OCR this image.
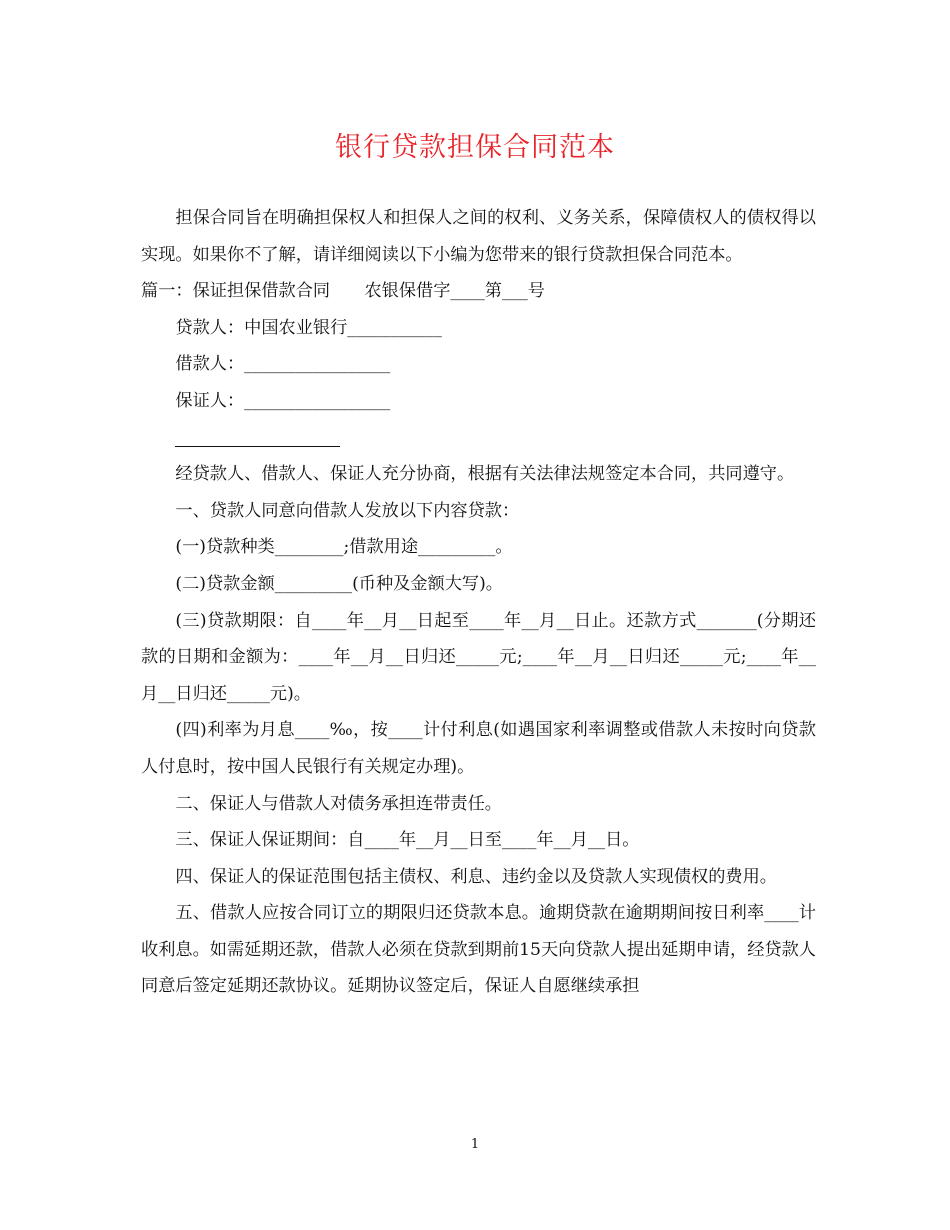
银行贷款担保合同范本

担保合同旨在明确担保权人和担保人之间的权利、义务关系，保障债权人的债权得以实现。如果你不了解，请详细阅读以下小编为您带来的银行贷款担保合同范本。

篇一：保证担保借款合同　　农银保借字____第___号

贷款人：中国农业银行___________

借款人：_________________

保证人：_________________

经贷款人、借款人、保证人充分协商，根据有关法律法规签定本合同，共同遵守。

一、贷款人同意向借款人发放以下内容贷款：

(一)贷款种类________;借款用途_________。

(二)贷款金额_________(币种及金额大写)。

(三)贷款期限：自____年__月__日起至____年__月__日止。还款方式_______(分期还款的日期和金额为：____年__月__日归还_____元;____年__月__日归还_____元;____年__月__日归还_____元)。

(四)利率为月息____‰，按____计付利息(如遇国家利率调整或借款人未按时向贷款人付息时，按中国人民银行有关规定办理)。

二、保证人与借款人对债务承担连带责任。

三、保证人保证期间：自____年__月__日至____年__月__日。

四、保证人的保证范围包括主债权、利息、违约金以及贷款人实现债权的费用。

五、借款人应按合同订立的期限归还贷款本息。逾期贷款在逾期期间按日利率____计收利息。如需延期还款，借款人必须在贷款到期前15天向贷款人提出延期申请，经贷款人同意后签定延期还款协议。延期协议签定后，保证人自愿继续承担

1
